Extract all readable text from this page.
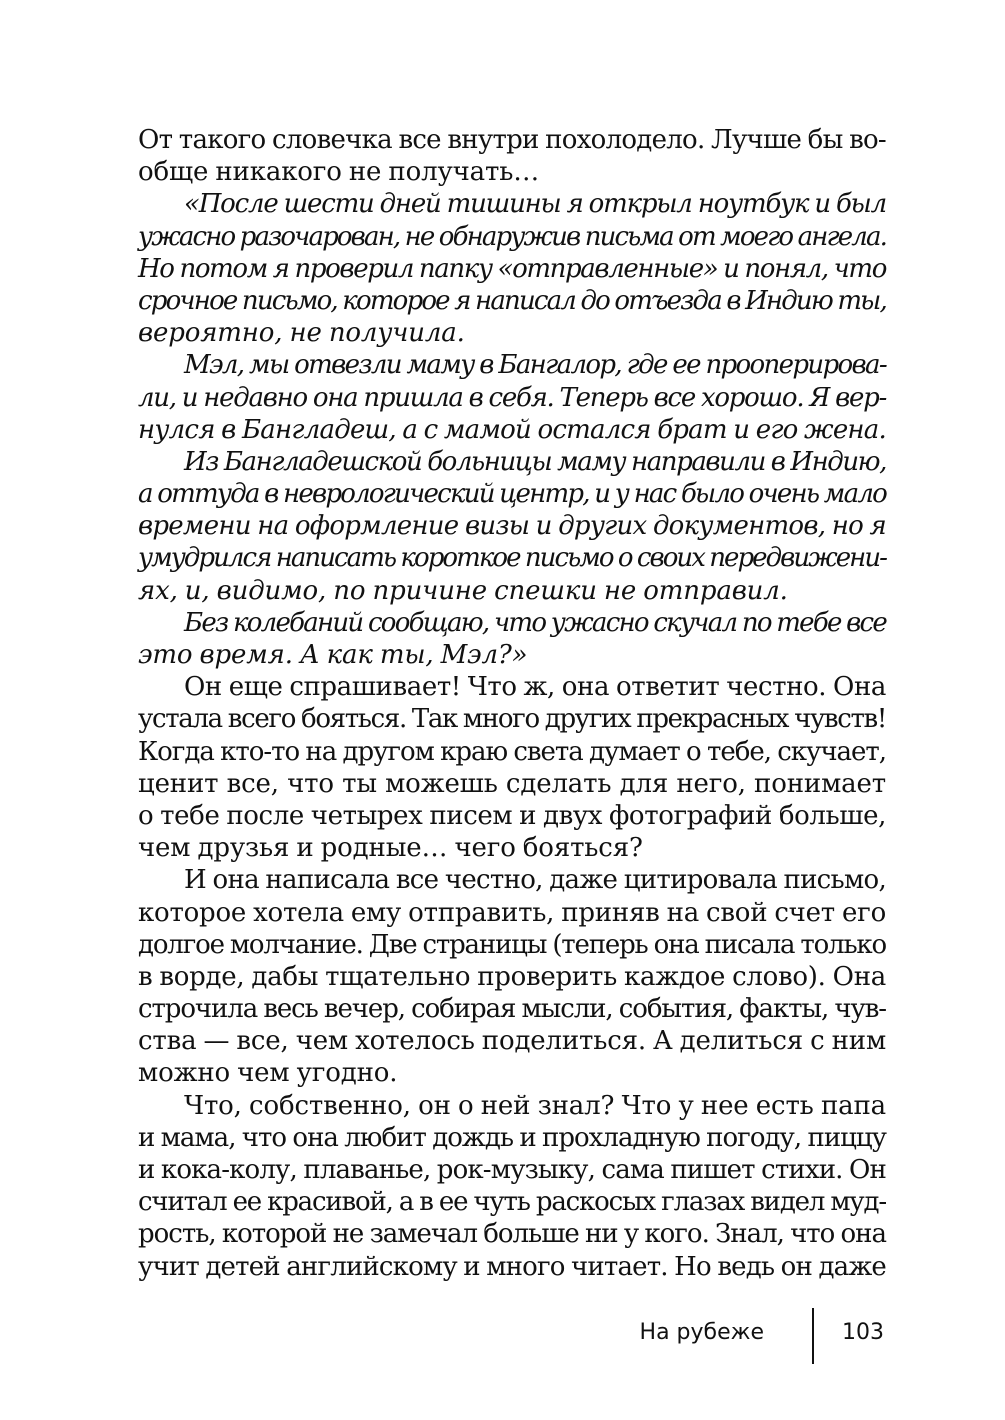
От такого словечка все внутри похолодело. Лучше бы во-
обще никакого не получать…
«После шести дней тишины я открыл ноутбук и был
ужасно разочарован, не обнаружив письма от моего ангела.
Но потом я проверил папку «отправленные» и понял, что
срочное письмо, которое я написал до отъезда в Индию ты,
вероятно, не получила.
Мэл, мы отвезли маму в Бангалор, где ее прооперирова-
ли, и недавно она пришла в себя. Теперь все хорошо. Я вер-
нулся в Бангладеш, а с мамой остался брат и его жена.
Из Бангладешской больницы маму направили в Индию,
а оттуда в неврологический центр, и у нас было очень мало
времени на оформление визы и других документов, но я
умудрился написать короткое письмо о своих передвижени-
ях, и, видимо, по причине спешки не отправил.
Без колебаний сообщаю, что ужасно скучал по тебе все
это время. А как ты, Мэл?»
Он еще спрашивает! Что ж, она ответит честно. Она
устала всего бояться. Так много других прекрасных чувств!
Когда кто-то на другом краю света думает о тебе, скучает,
ценит все, что ты можешь сделать для него, понимает
о тебе после четырех писем и двух фотографий больше,
чем друзья и родные… чего бояться?
И она написала все честно, даже цитировала письмо,
которое хотела ему отправить, приняв на свой счет его
долгое молчание. Две страницы (теперь она писала только
в ворде, дабы тщательно проверить каждое слово). Она
строчила весь вечер, собирая мысли, события, факты, чув-
ства — все, чем хотелось поделиться. А делиться с ним
можно чем угодно.
Что, собственно, он о ней знал? Что у нее есть папа
и мама, что она любит дождь и прохладную погоду, пиццу
и кока-колу, плаванье, рок-музыку, сама пишет стихи. Он
считал ее красивой, а в ее чуть раскосых глазах видел муд-
рость, которой не замечал больше ни у кого. Знал, что она
учит детей английскому и много читает. Но ведь он даже
На рубеже	103
